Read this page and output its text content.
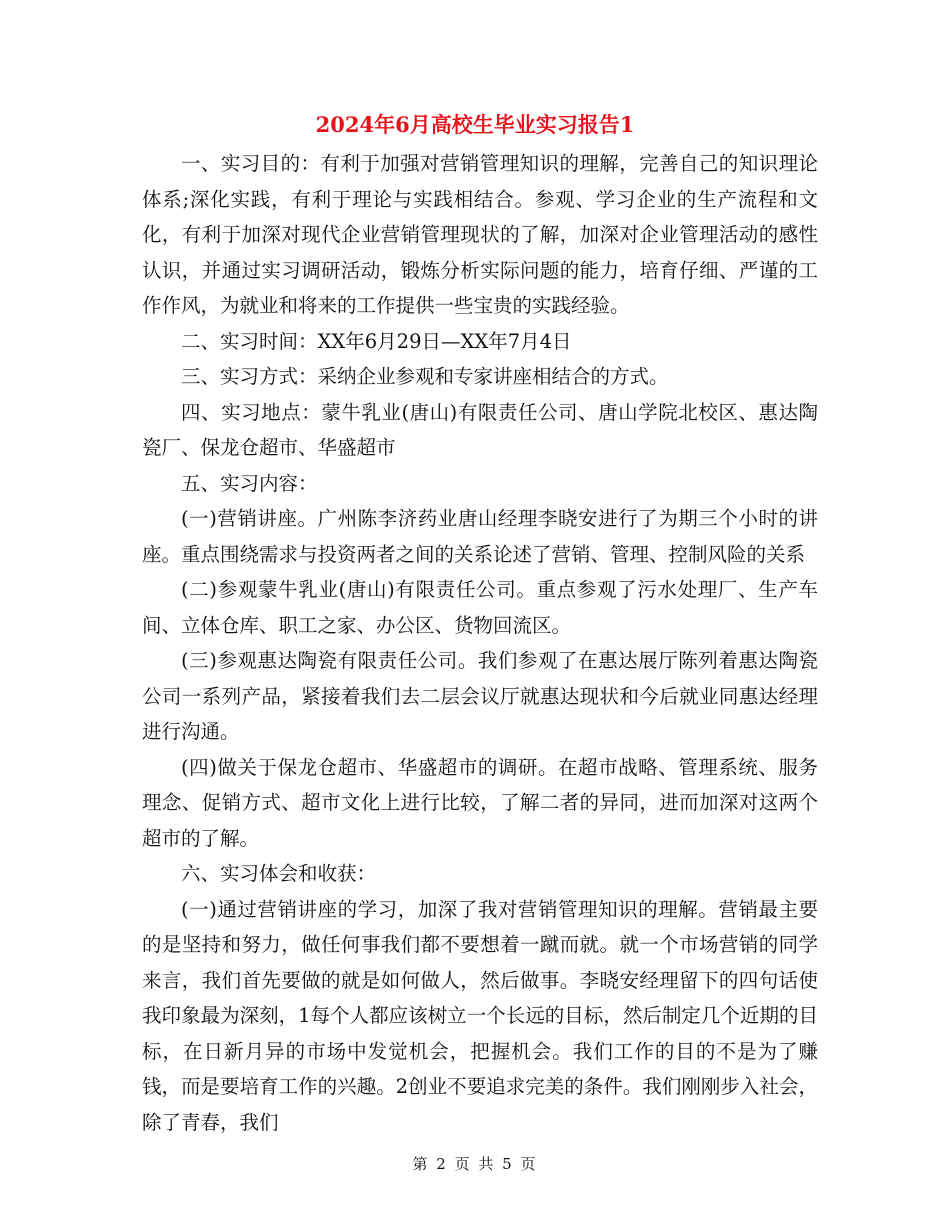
2024年6月高校生毕业实习报告1

一、实习目的：有利于加强对营销管理知识的理解，完善自己的知识理论体系;深化实践，有利于理论与实践相结合。参观、学习企业的生产流程和文化，有利于加深对现代企业营销管理现状的了解，加深对企业管理活动的感性认识，并通过实习调研活动，锻炼分析实际问题的能力，培育仔细、严谨的工作作风，为就业和将来的工作提供一些宝贵的实践经验。

二、实习时间：XX年6月29日—XX年7月4日

三、实习方式：采纳企业参观和专家讲座相结合的方式。

四、实习地点：蒙牛乳业(唐山)有限责任公司、唐山学院北校区、惠达陶瓷厂、保龙仓超市、华盛超市

五、实习内容：

(一)营销讲座。广州陈李济药业唐山经理李晓安进行了为期三个小时的讲座。重点围绕需求与投资两者之间的关系论述了营销、管理、控制风险的关系

(二)参观蒙牛乳业(唐山)有限责任公司。重点参观了污水处理厂、生产车间、立体仓库、职工之家、办公区、货物回流区。

(三)参观惠达陶瓷有限责任公司。我们参观了在惠达展厅陈列着惠达陶瓷公司一系列产品，紧接着我们去二层会议厅就惠达现状和今后就业同惠达经理进行沟通。

(四)做关于保龙仓超市、华盛超市的调研。在超市战略、管理系统、服务理念、促销方式、超市文化上进行比较，了解二者的异同，进而加深对这两个超市的了解。

六、实习体会和收获：

(一)通过营销讲座的学习，加深了我对营销管理知识的理解。营销最主要的是坚持和努力，做任何事我们都不要想着一蹴而就。就一个市场营销的同学来言，我们首先要做的就是如何做人，然后做事。李晓安经理留下的四句话使我印象最为深刻，1每个人都应该树立一个长远的目标，然后制定几个近期的目标，在日新月异的市场中发觉机会，把握机会。我们工作的目的不是为了赚钱，而是要培育工作的兴趣。2创业不要追求完美的条件。我们刚刚步入社会，除了青春，我们

第 2 页 共 5 页
